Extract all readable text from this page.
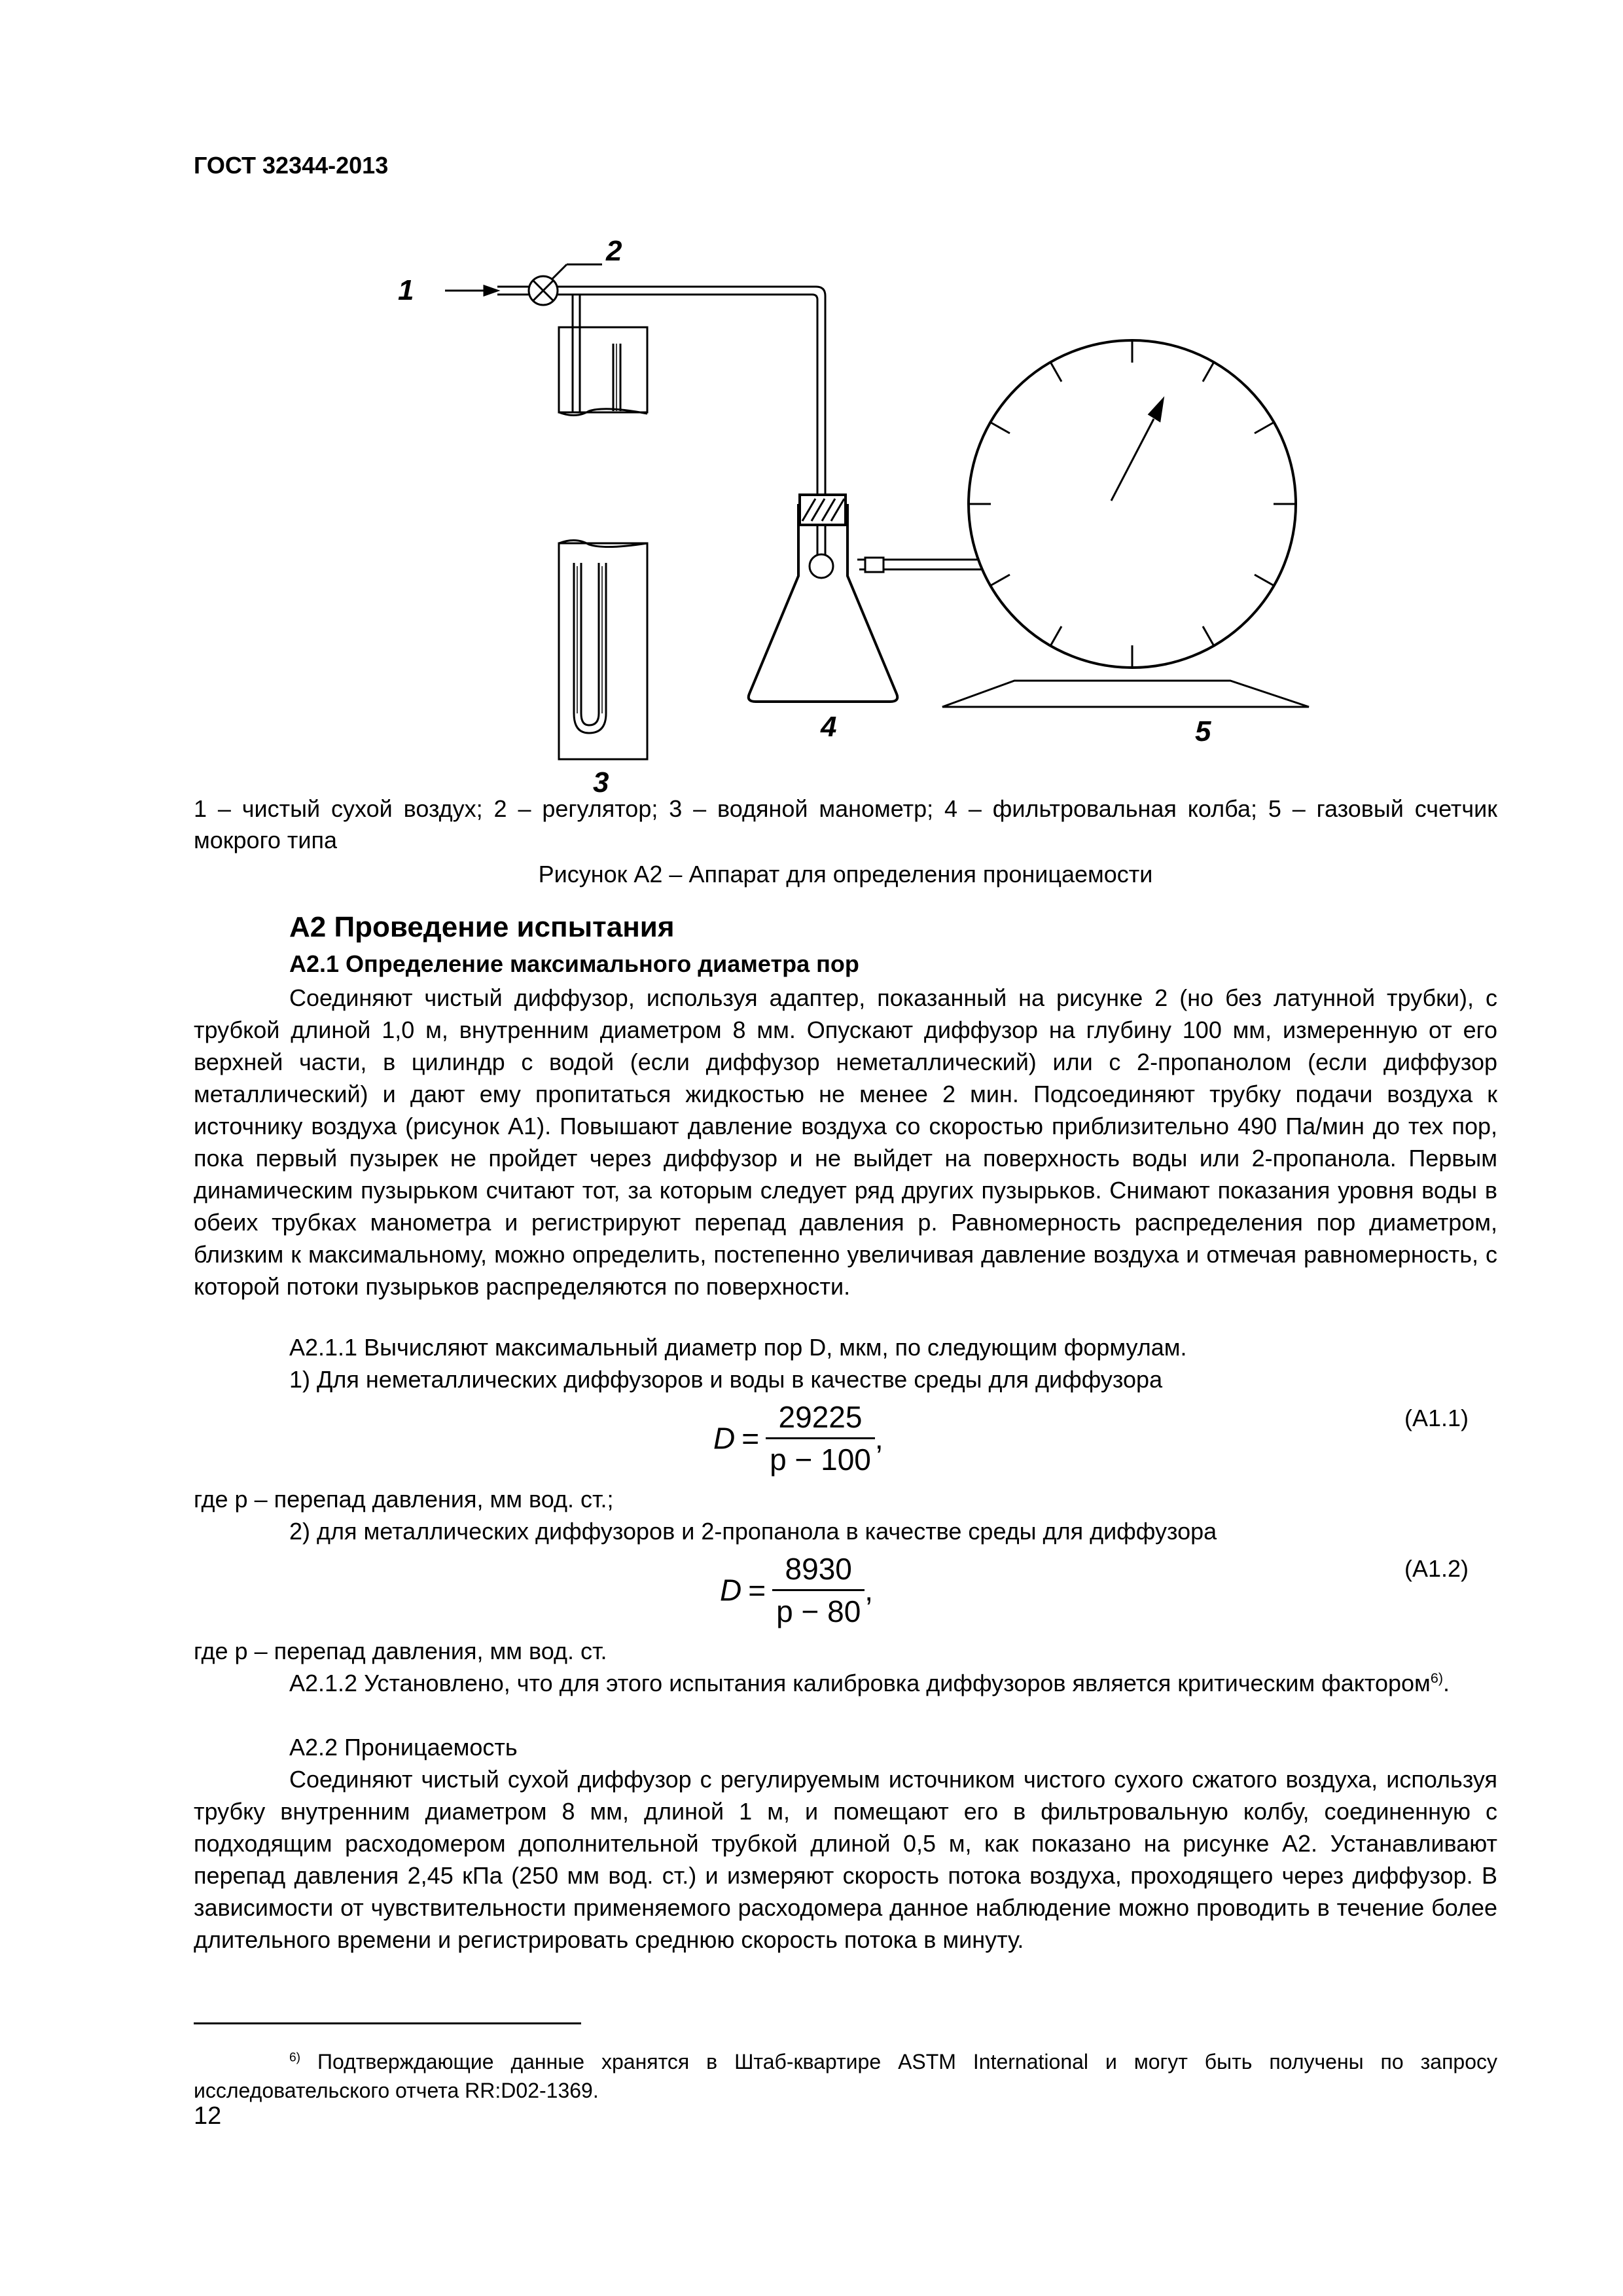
ГОСТ 32344-2013
1
2
3
4	5
1 – чистый сухой воздух; 2 – регулятор; 3 – водяной манометр; 4 – фильтровальная колба; 5 – газовый счетчик мокрого типа
Рисунок А2 – Аппарат для определения проницаемости
А2 Проведение испытания
А2.1 Определение максимального диаметра пор
Соединяют чистый диффузор, используя адаптер, показанный на рисунке 2 (но без латунной трубки), с трубкой длиной 1,0 м, внутренним диаметром 8 мм. Опускают диффузор на глубину 100 мм, измеренную от его верхней части, в цилиндр с водой (если диффузор неметаллический) или с 2-пропанолом (если диффузор металлический) и дают ему пропитаться жидкостью не менее 2 мин. Подсоединяют трубку подачи воздуха к источнику воздуха (рисунок А1). Повышают давление воздуха со скоростью приблизительно 490 Па/мин до тех пор, пока первый пузырек не пройдет через диффузор и не выйдет на поверхность воды или 2-пропанола. Первым динамическим пузырьком считают тот, за которым следует ряд других пузырьков. Снимают показания уровня воды в обеих трубках манометра и регистрируют перепад давления p. Равномерность распределения пор диаметром, близким к максимальному, можно определить, постепенно увеличивая давление воздуха и отмечая равномерность, с которой потоки пузырьков распределяются по поверхности.
А2.1.1 Вычисляют максимальный диаметр пор D, мкм, по следующим формулам.
1) Для неметаллических диффузоров и воды в качестве среды для диффузора
$D = \frac{29225}{p - 100}$ ,
(А1.1)
где p – перепад давления, мм вод. ст.;
2) для металлических диффузоров и 2-пропанола в качестве среды для диффузора
$D = \frac{8930}{p - 80}$ ,
(А1.2)
где p – перепад давления, мм вод. ст.
А2.1.2 Установлено, что для этого испытания калибровка диффузоров является критическим фактором$^{6)}$.
А2.2 Проницаемость
Соединяют чистый сухой диффузор с регулируемым источником чистого сухого сжатого воздуха, используя трубку внутренним диаметром 8 мм, длиной 1 м, и помещают его в фильтровальную колбу, соединенную с подходящим расходомером дополнительной трубкой длиной 0,5 м, как показано на рисунке А2. Устанавливают перепад давления 2,45 кПа (250 мм вод. ст.) и измеряют скорость потока воздуха, проходящего через диффузор. В зависимости от чувствительности применяемого расходомера данное наблюдение можно проводить в течение более длительного времени и регистрировать среднюю скорость потока в минуту.
$^{6)}$ Подтверждающие данные хранятся в Штаб-квартире ASTM International и могут быть получены по запросу исследовательского отчета RR:D02-1369.
12
